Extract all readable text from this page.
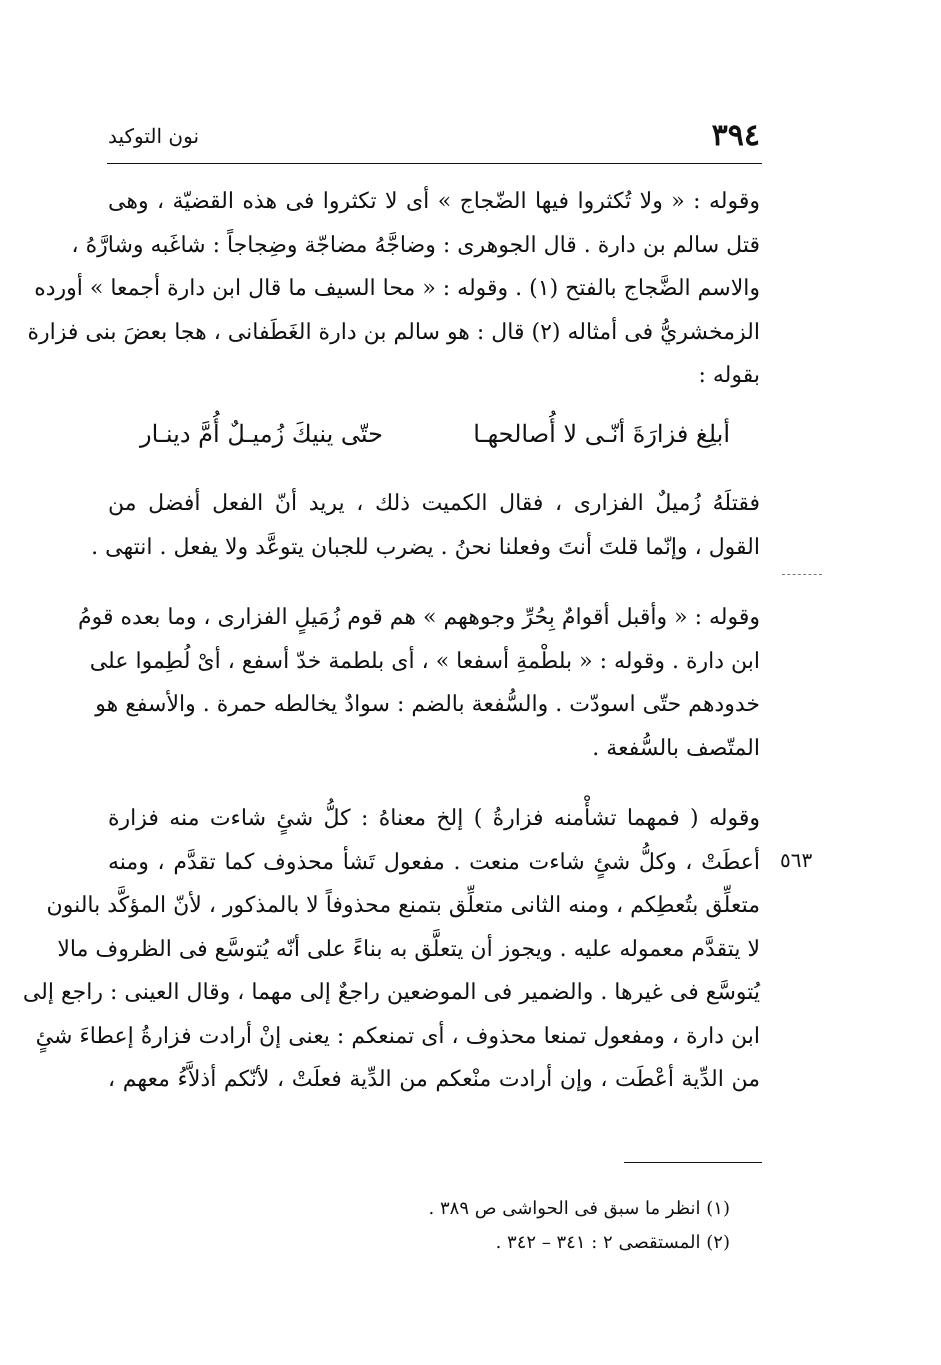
٣٩٤
نون التوكيد
وقوله : « ولا تُكثروا فيها الضّجاج » أى لا تكثروا فى هذه القضيّة ، وهى
قتل سالم بن دارة . قال الجوهرى : وضاجَّهُ مضاجّة وضِجاجاً : شاغَبه وشارَّهُ ،
والاسم الضَّجاج بالفتح (١) . وقوله : « محا السيف ما قال ابن دارة أجمعا » أورده
الزمخشريُّ فى أمثاله (٢) قال : هو سالم بن دارة الغَطَفانى ، هجا بعضَ بنى فزارة
بقوله :
أبلِغ فزارَةَ أنّـى لا أُصالحهـا
حتّى ينيكَ زُميـلٌ أُمَّ دينـار
فقتلَهُ زُميلٌ الفزارى ، فقال الكميت ذلك ، يريد أنّ الفعل أفضل من
القول ، وإنّما قلتَ أنتَ وفعلنا نحنُ . يضرب للجبان يتوعَّد ولا يفعل . انتهى .
وقوله : « وأقبل أقوامٌ بِحُرِّ وجوههم » هم قوم زُمَيلٍ الفزارى ، وما بعده قومُ
ابن دارة . وقوله : « بلطْمةِ أسفعا » ، أى بلطمة خدّ أسفع ، أىْ لُطِموا على
خدودهم حتّى اسودّت . والسُّفعة بالضم : سوادٌ يخالطه حمرة . والأسفع هو
المتّصف بالسُّفعة .
وقوله ( فمهما تشأْمنه فزارةُ ) إلخ معناهُ : كلُّ شئٍ شاءت منه فزارة
أعطَتْ ، وكلُّ شئٍ شاءت منعت . مفعول تَشأ محذوف كما تقدَّم ، ومنه
متعلِّق بتُعطِكم ، ومنه الثانى متعلِّق بتمنع محذوفاً لا بالمذكور ، لأنّ المؤكَّد بالنون
لا يتقدَّم معموله عليه . ويجوز أن يتعلَّق به بناءً على أنّه يُتوسَّع فى الظروف مالا
يُتوسَّع فى غيرها . والضمير فى الموضعين راجعٌ إلى مهما ، وقال العينى : راجع إلى
ابن دارة ، ومفعول تمنعا محذوف ، أى تمنعكم : يعنى إنْ أرادت فزارةُ إعطاءَ شئٍ
من الدِّية أعْطَت ، وإن أرادت منْعكم من الدِّية فعلَتْ ، لأنّكم أذلاَّءُ معهم ،
٥٦٣
(١) انظر ما سبق فى الحواشى ص ٣٨٩ .
(٢) المستقصى ٢ : ٣٤١ – ٣٤٢ .
